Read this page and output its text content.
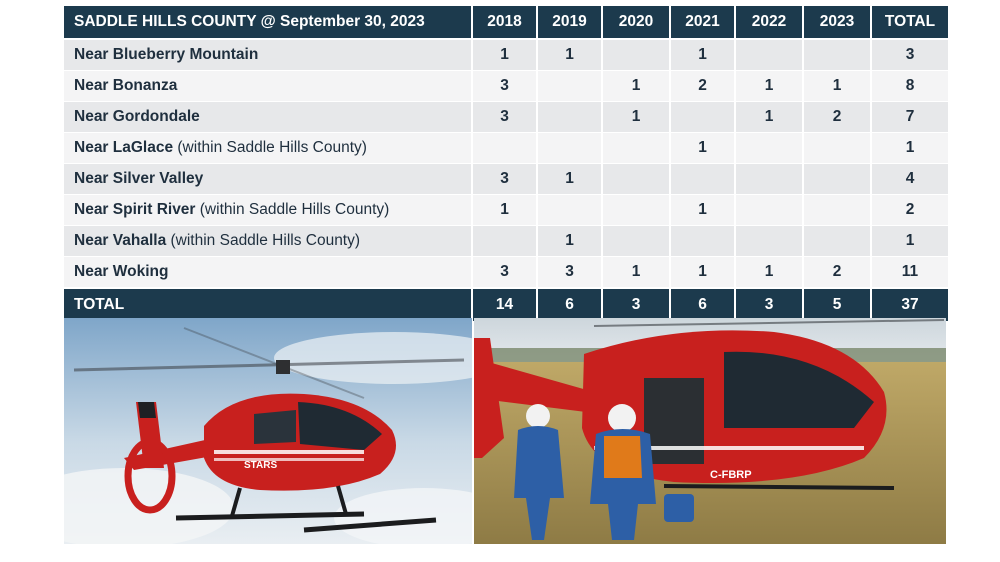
SADDLE HILLS COUNTY @ September 30, 2023	2018	2019	2020	2021	2022	2023	TOTAL
Near Blueberry Mountain	1	1		1			3
Near Bonanza	3		1	2	1	1	8
Near Gordondale	3		1		1	2	7
Near LaGlace (within Saddle Hills County)				1			1
Near Silver Valley	3	1					4
Near Spirit River (within Saddle Hills County)	1			1			2
Near Vahalla (within Saddle Hills County)		1					1
Near Woking	3	3	1	1	1	2	11
TOTAL	14	6	3	6	3	5	37
STARS
C-FBRP
